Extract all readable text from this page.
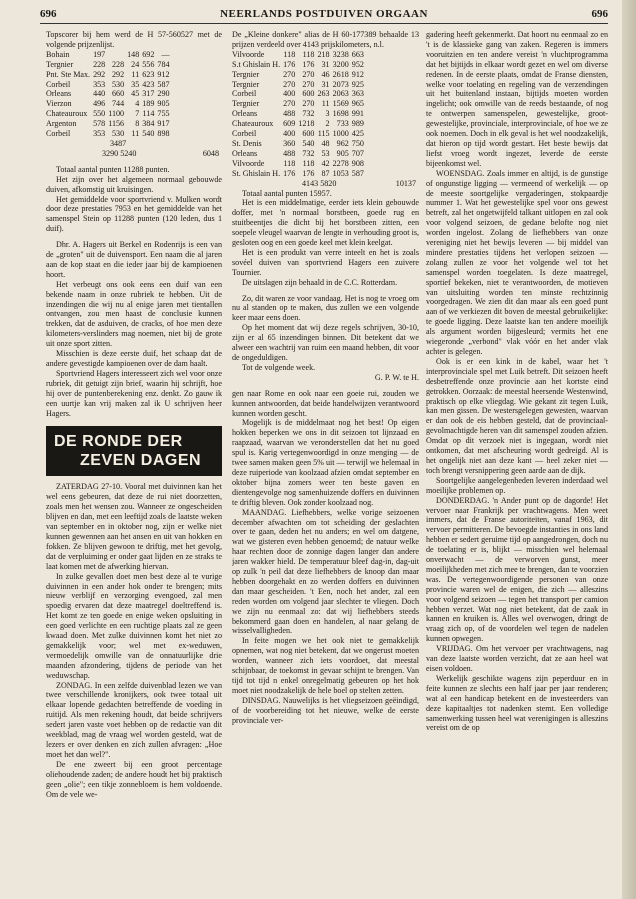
696	NEERLANDS POSTDUIVEN ORGAAN	696

Topscorer bij hem werd de H 57-560527 met de volgende prijzenlijst.

Bohain	197		148	692	—
Tergnier	228	228	24	556	784
Pnt. Ste Max.	292	292	11	623	912
Corbeil	353	530	35	423	587
Orleans	440	660	45	317	290
Vierzon	496	744	4	189	905
Chateauroux	550	1100	7	114	755
Argenton	578	1156	8	384	917
Corbeil	353	530	11	540	898
3487	
3290 5240	6048

Totaal aantal punten 11288 punten.

Het zijn over het algemeen normaal gebouwde duiven, afkomstig uit kruisingen.

Het gemiddelde voor sportvriend v. Mulken wordt door deze prestaties 7953 en het gemiddelde van het samenspel Stein op 11288 punten (120 leden, dus 1 duif).

Dhr. A. Hagers uit Berkel en Rodenrijs is een van de „groten" uit de duivensport. Een naam die al jaren aan de kop staat en die ieder jaar bij de kampioenen hoort.

Het verbeugt ons ook eens een duif van een bekende naam in onze rubriek te hebben. Uit de inzendingen die wij nu al enige jaren met tientallen ontvangen, zou men haast de conclusie kunnen trekken, dat de asduiven, de cracks, of hoe men deze kilometers-verslinders mag noemen, niet bij de grote uit onze sport zitten.

Misschien is deze eerste duif, het schaap dat de andere gevestigde kampioenen over de dam haalt.

Sportvriend Hagers interesseert zich wel voor onze rubriek, dit getuigt zijn brief, waarin hij schrijft, hoe hij over de puntenberekening enz. denkt. Zo gauw ik een uurtje kan vrij maken zal ik U schrijven heer Hagers.

DE RONDE DER
ZEVEN DAGEN

ZATERDAG 27-10. Vooral met duivinnen kan het wel eens gebeuren, dat deze de rui niet doorzetten, zoals men het wensen zou. Wanneer ze ongescheiden blijven en dan, met een leeftijd zoals de laatste weken van september en in oktober nog, zijn er welke niet kunnen gewennen aan het ansen en uit van hokken en fokken. Ze blijven gewoon te driftig, met het gevolg, dat de verpluiming er onder gaat lijden en ze straks te laat komen met de afwerking hiervan.

In zulke gevallen doet men best deze al te vurige duivinnen in een ander hok onder te brengen; mits nieuw verblijf en verzorging evengoed, zal men spoedig ervaren dat deze maatregel doeltreffend is. Het komt ze ten goede en enige weken opsluiting in een goed verlichte en een ruchtige plaats zal ze geen kwaad doen. Met zulke duivinnen komt het niet zo gemakkelijk voor; wel met ex-weduwen, vermoedelijk omwille van de onnatuurlijke drie maanden afzondering, tijdens de periode van het weduwschap.

ZONDAG. In een zelfde duivenblad lezen we van twee verschillende kronijkers, ook twee totaal uit elkaar lopende gedachten betreffende de voeding in ruitijd. Als men rekening houdt, dat beide schrijvers sedert jaren vaste voet hebben op de redactie van dit weekblad, mag de vraag wel worden gesteld, wat de lezers er over denken en zich zullen afvragen: „Hoe moet het dan wel?".

De ene zweert bij een groot percentage oliehoudende zaden; de andere houdt het bij praktisch geen „olie"; een tikje zonnebloem is hem voldoende. Om de vele we-

De „Kleine donkere" alias de H 60-177389 behaalde 13 prijzen verdeeld over 4143 prijskilometers, n.l.

Vilvoorde	118	118	218	3238	663
S.t Ghislain H.	176	176	31	3200	952
Tergnier	270	270	46	2618	912
Tergnier	270	270	31	2073	925
Corbeil	400	600	263	2063	363
Tergnier	270	270	11	1569	965
Orleans	488	732	3	1698	991
Chateauroux	609	1218	2	733	989
Corbeil	400	600	115	1000	425
St. Denis	360	540	48	962	750
Orleans	488	732	53	905	707
Vilvoorde	118	118	42	2278	908
St. Ghislain H.	176	176	87	1053	587
4143 5820	10137

Totaal aantal punten 15957.

Het is een middelmatige, eerder iets klein gebouwde doffer, met 'n normaal borstbeen, goede rug en stuitbeentjes die dicht bij het borstbeen zitten, een soepele vleugel waarvan de lengte in verhouding groot is, gesloten oog en een goede keel met klein keelgat.

Het is een produkt van verre inteelt en het is zoals sovéel duiven van sportvriend Hagers een zuivere Tournier.

De uitslagen zijn behaald in de C.C. Rotterdam.

Zo, dit waren ze voor vandaag. Het is nog te vroeg om nu al standen op te maken, dus zullen we een volgende keer maar eens doen.

Op het moment dat wij deze regels schrijven, 30-10, zijn er al 65 inzendingen binnen. Dit betekent dat we alweer een wachtrij van ruim een maand hebben, dit voor de ongeduldigen.

Tot de volgende week.

G. P. W. te H.

gen naar Rome en ook naar een goeie rui, zouden we kunnen antwoorden, dat beide handelwijzen verantwoord kunnen worden gescht.

Mogelijk is de middelmaat nog het best! Op eigen hokken beperken we ons in dit seizoen tot lijnzaad en raapzaad, waarvan we veronderstellen dat het nu goed spul is. Karig vertegenwoordigd in onze menging — de twee samen maken geen 5% uit — terwijl we helemaal in deze ruiperiode van koolzaad afzien omdat september en oktober bijna zomers weer ten beste gaven en dientengevolge nog samenhuizende doffers en duivinnen te driftig bleven. Ook zonder koolzaad nog.

MAANDAG. Liefhebbers, welke vorige seizoenen december afwachten om tot scheiding der geslachten over te gaan, deden het nu anders; en wel om datgene, wat we gisteren even hebben genoemd; de natuur welke haar rechten door de zonnige dagen langer dan andere jaren wakker hield. De temperatuur bleef dag-in, dag-uit op zulk 'n peil dat deze liefhebbers de knoop dan maar hebben doorgehakt en zo werden doffers en duivinnen dan maar gescheiden. 't Een, noch het ander, zal een reden worden om volgend jaar slechter te vliegen. Doch we zijn nu eenmaal zo: dat wij liefhebbers steeds bekommerd gaan doen en handelen, al naar gelang de wisselvalligheden.

In feite mogen we het ook niet te gemakkelijk opnemen, wat nog niet betekent, dat we ongerust moeten worden, wanneer zich iets voordoet, dat meestal schijnbaar, de toekomst in gevaar schijnt te brengen. Van tijd tot tijd n enkel onregelmatig gebeuren op het hok moet niet noodzakelijk de hele boel op stelten zetten.

DINSDAG. Nauwelijks is het vliegseizoen geëindigd, of de voorbereiding tot het nieuwe, welke de eerste provinciale ver-

gadering heeft gekenmerkt. Dat hoort nu eenmaal zo en 't is de klassieke gang van zaken. Regeren is immers vooruitzien en ten andere vereist 'n vluchtprogramma dat het bijtijds in elkaar wordt gezet en wel om diverse redenen. In de eerste plaats, omdat de Franse diensten, welke voor toelating en regeling van de verzendingen uit het buitenland instaan, bijtijds moeten worden ingelicht; ook omwille van de reeds bestaande, of nog te ontwerpen samenspelen, gewestelijke, groot-gewestelijke, provinciale, interprovinciale, of hoe we ze ook noemen. Doch in elk geval is het wel noodzakelijk, dat hieron op tijd wordt gestart. Het beste bewijs dat liefst vroeg wordt ingezet, leverde de eerste bijeenkomst wel.

WOENSDAG. Zoals immer en altijd, is de gunstige of ongunstige ligging — vermeend of werkelijk — op de meeste soortgelijke vergaderingen, stokpaardje nummer 1. Wat het gewestelijke spel voor ons gewest betreft, zal het ongetwijfeld talkant uitlopen en zal ook voor volgend seizoen, de gedane belofte nog niet worden ingelost. Zolang de liefhebbers van onze vereniging niet het bewijs leveren — bij middel van mindere prestaties tijdens het verlopen seizoen — zolang zullen ze voor het volgende wel tot het samenspel worden toegelaten. Is deze maatregel, sportief bekeken, niet te verantwoorden, de motieven van uitsluiting worden ten minste rechtzinnig voorgedragen. We zien dit dan maar als een goed punt aan of we verkiezen dit boven de meestal gebruikelijke: te goede ligging. Deze laatste kan ten andere moeilijk als argument worden bijgesleurd; vermits het ene wiegeronde „verbond" vlak vóór en het ander vlak achter is gelegen.

Ook is er een kink in de kabel, waar het 't interprovinciale spel met Luik betreft. Dit seizoen heeft desbetreffende onze provincie aan het kortste eind getrokken. Oorzaak: de meestal heersende Westenwind, praktisch op elke vliegdag. Wie gekant zit tegen Luik, kan men gissen. De westersgelegen gewesten, waarvan er dan ook de eis hebben gesteld, dat de provinciaal-gevolmachtigde heren van dit samenspel zouden afzien. Omdat op dit verzoek niet is ingegaan, wordt niet ontkomen, dat met afscheuring wordt gedreigd. Al is het ongelijk niet aan deze kant — heel zeker niet — toch brengt versnippering geen aarde aan de dijk.

Soortgelijke aangelegenheden leveren inderdaad wel moeilijke problemen op.

DONDERDAG. 'n Ander punt op de dagorde! Het vervoer naar Frankrijk per vrachtwagens. Men weet immers, dat de Franse autoriteiten, vanaf 1963, dit vervoer permitteren. De bevoegde instanties in ons land hebben er sedert geruime tijd op aangedrongen, doch nu de toelating er is, blijkt — misschien wel helemaal onverwacht — de verworven gunst, meer moeilijkheden met zich mee te brengen, dan te voorzien was. De vertegenwoordigende personen van onze provincie waren wel de enigen, die zich — alleszins voor volgend seizoen — tegen het transport per camion hebben verzet. Wat nog niet betekent, dat de zaak in kannen en kruiken is. Alles wel overwogen, dringt de vraag zich op, of de voordelen wel tegen de nadelen kunnen opwegen.

VRIJDAG. Om het vervoer per vrachtwagens, nag van deze laatste worden verzicht, dat ze aan heel wat eisen voldoen.

Werkelijk geschikte wagens zijn peperduur en in feite kunnen ze slechts een half jaar per jaar renderen; wat al een handicap betekent en de investeerders van deze kapitaaltjes tot nadenken stemt. Een volledige samenwerking tussen heel wat verenigingen is alleszins vereist om de op
